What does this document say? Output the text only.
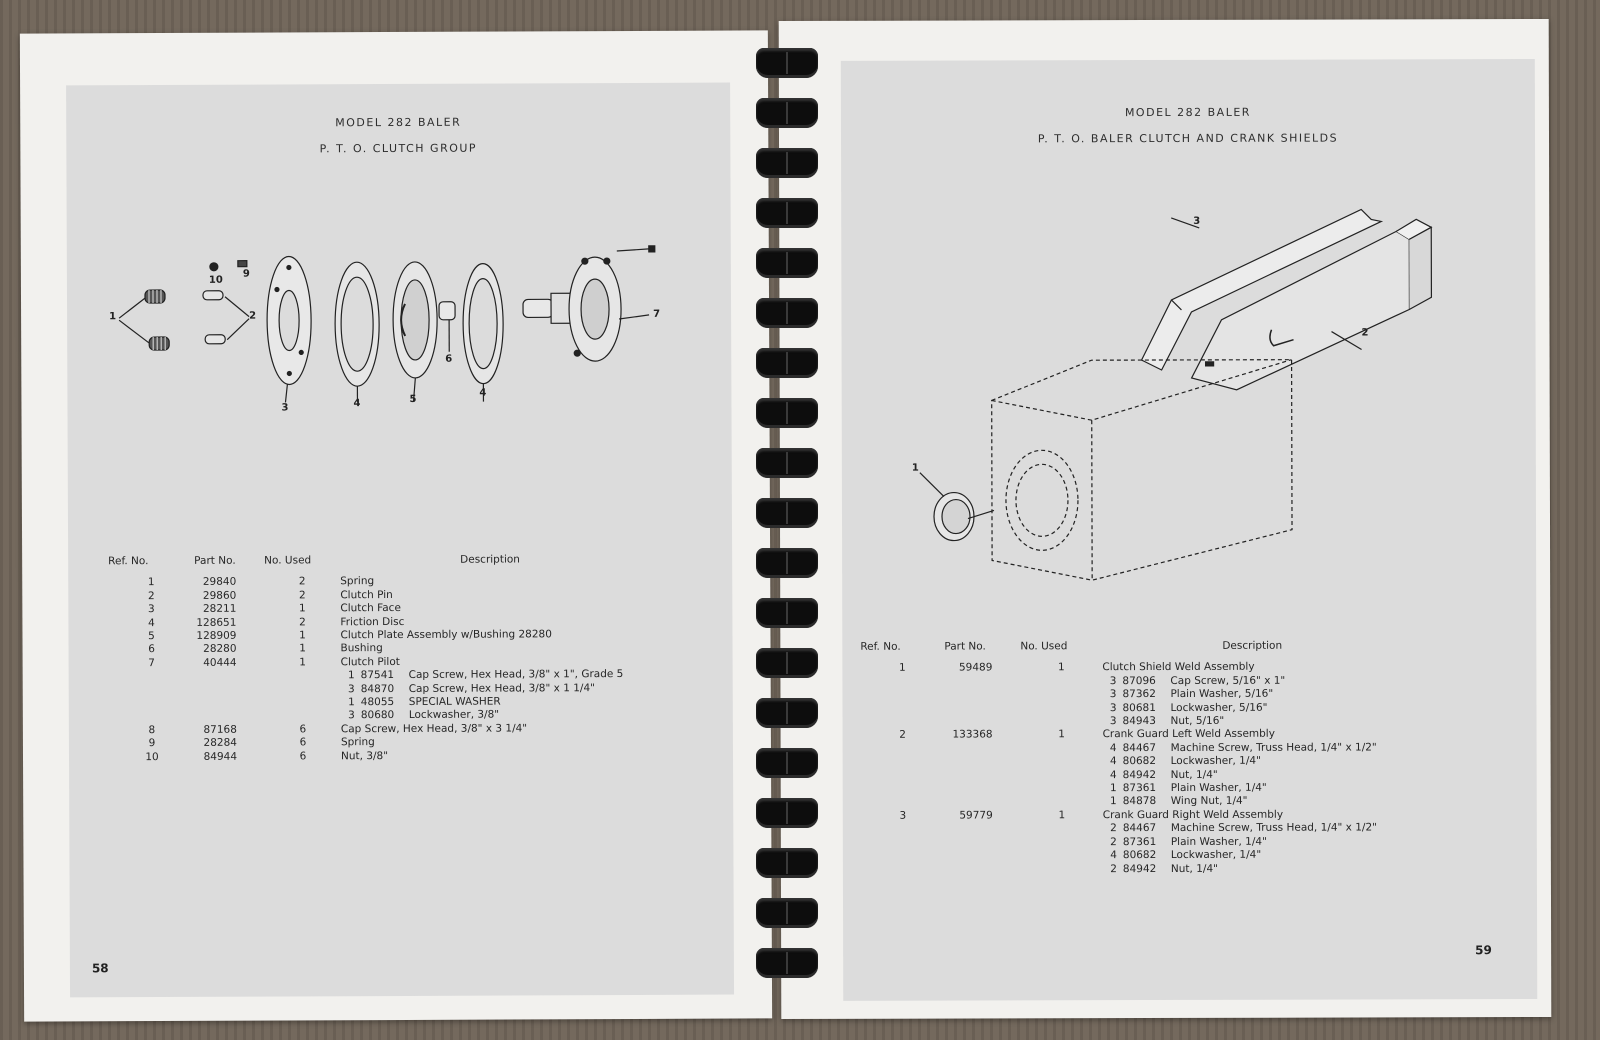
MODEL 282 BALER
P. T. O. CLUTCH GROUP
1	2
3	4	5
6
4
7
10
9
Ref. No.	Part No.	No. Used	Description
1	29840	2	Spring
2	29860	2	Clutch Pin
3	28211	1	Clutch Face
4	128651	2	Friction Disc
5	128909	1	Clutch Plate Assembly w/Bushing 28280
6	28280	1	Bushing
7	40444	1	Clutch Pilot
			1 87541 Cap Screw, Hex Head, 3/8" x 1", Grade 5
			3 84870 Cap Screw, Hex Head, 3/8" x 1 1/4"
			1 48055 SPECIAL WASHER
			3 80680 Lockwasher, 3/8"
8	87168	6	Cap Screw, Hex Head, 3/8" x 3 1/4"
9	28284	6	Spring
10	84944	6	Nut, 3/8"
58
MODEL 282 BALER
P. T. O. BALER CLUTCH AND CRANK SHIELDS
3
2
1
Ref. No.	Part No.	No. Used	Description
1	59489	1	Clutch Shield Weld Assembly
			3 87096 Cap Screw, 5/16" x 1"
			3 87362 Plain Washer, 5/16"
			3 80681 Lockwasher, 5/16"
			3 84943 Nut, 5/16"
2	133368	1	Crank Guard Left Weld Assembly
			4 84467 Machine Screw, Truss Head, 1/4" x 1/2"
			4 80682 Lockwasher, 1/4"
			4 84942 Nut, 1/4"
			1 87361 Plain Washer, 1/4"
			1 84878 Wing Nut, 1/4"
3	59779	1	Crank Guard Right Weld Assembly
			2 84467 Machine Screw, Truss Head, 1/4" x 1/2"
			2 87361 Plain Washer, 1/4"
			4 80682 Lockwasher, 1/4"
			2 84942 Nut, 1/4"
59
